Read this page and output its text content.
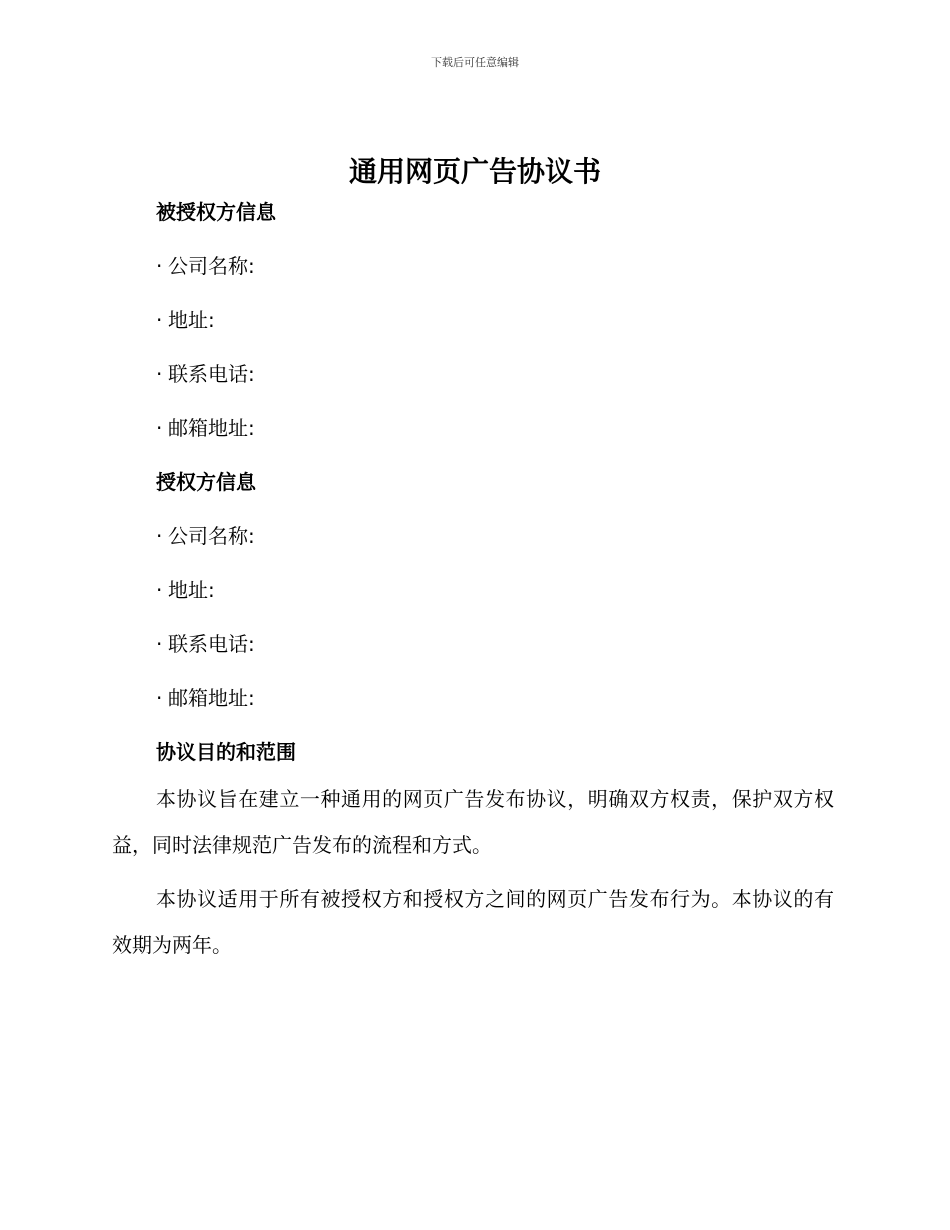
下载后可任意编辑
通用网页广告协议书
被授权方信息

· 公司名称:

· 地址:

· 联系电话:

· 邮箱地址:

授权方信息

· 公司名称:

· 地址:

· 联系电话:

· 邮箱地址:

协议目的和范围

本协议旨在建立一种通用的网页广告发布协议，明确双方权责，保护双方权益，同时法律规范广告发布的流程和方式。

本协议适用于所有被授权方和授权方之间的网页广告发布行为。本协议的有效期为两年。
